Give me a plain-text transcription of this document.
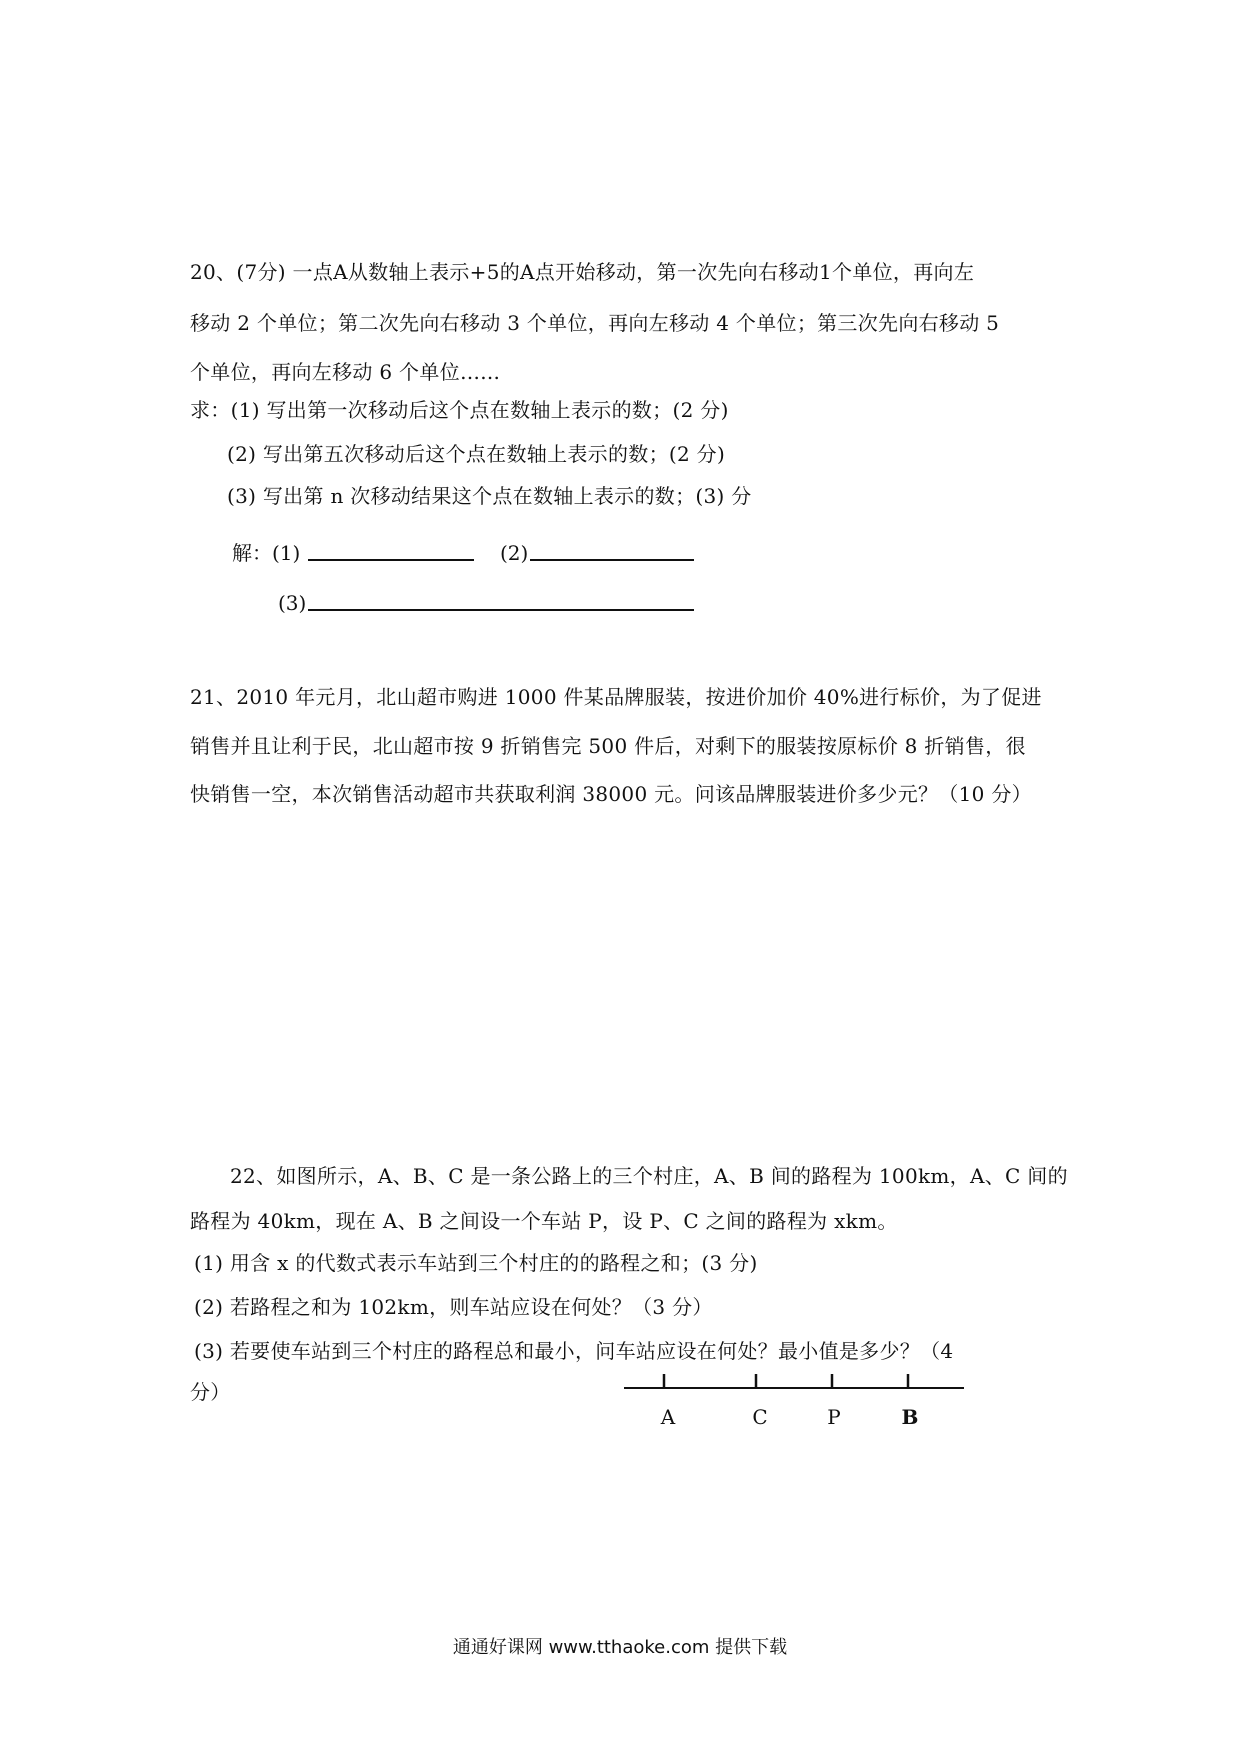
20、(7分) 一点A从数轴上表示+5的A点开始移动，第一次先向右移动1个单位，再向左
移动 2 个单位；第二次先向右移动 3 个单位，再向左移动 4 个单位；第三次先向右移动 5
个单位，再向左移动 6 个单位…...
求：(1) 写出第一次移动后这个点在数轴上表示的数；(2 分)
(2) 写出第五次移动后这个点在数轴上表示的数；(2 分)
(3) 写出第 n 次移动结果这个点在数轴上表示的数；(3) 分
解：(1)	(2)
(3)
21、2010 年元月，北山超市购进 1000 件某品牌服装，按进价加价 40%进行标价，为了促进
销售并且让利于民，北山超市按 9 折销售完 500 件后，对剩下的服装按原标价 8 折销售，很
快销售一空，本次销售活动超市共获取利润 38000 元。问该品牌服装进价多少元？（10 分）
22、如图所示，A、B、C 是一条公路上的三个村庄，A、B 间的路程为 100km，A、C 间的
路程为 40km，现在 A、B 之间设一个车站 P，设 P、C 之间的路程为 xkm。
(1) 用含 x 的代数式表示车站到三个村庄的的路程之和；(3 分)
(2) 若路程之和为 102km，则车站应设在何处？（3 分）
(3) 若要使车站到三个村庄的路程总和最小，问车站应设在何处？最小值是多少？（4
分）
A	C	P	B
通通好课网 www.tthaoke.com 提供下载
